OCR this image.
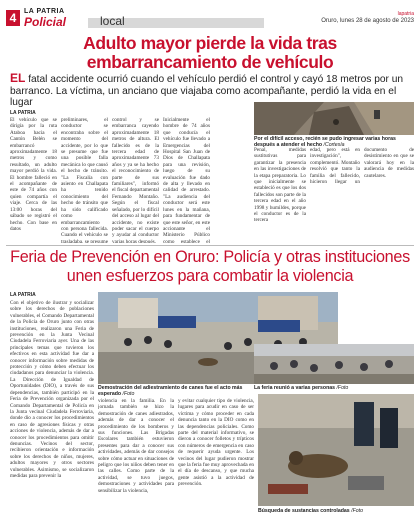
4	LA PATRIA
Policial	local	lapatria
Oruro, lunes 28 de agosto de 2023
Adulto mayor pierde la vida tras embarrancamiento de vehículo
EL fatal accidente ocurrió cuando el vehículo perdió el control y cayó 18 metros por un barranco. La víctima, un anciano que viajaba como acompañante, perdió la vida en el lugar
LA PATRIA
El vehículo que se dirigía por la ruta Ataboa hacia el Cantón Belén se embarrancó aproximadamente 18 metros y como resultado, un adulto mayor perdió la vida. El hombre falleció en el acompañante de este de 74 años con quien compartía el viaje. Cerca de las 13:00 horas del sábado se registró el hecho. Con base en datos
preliminares, el conductor se encontraba sobre el momento del accidente, por lo que se presume que fue una posible falla mecánica lo que causó el hecho de tránsito. "La Fiscalía con asiento en Challapata ha tenido conocimiento del hecho de tránsito que ha sido calificado como embarrancamiento con persona fallecida. Cuando el vehículo se trasladaba, se presume
control y se embarranca cayendo aproximadamente 18 metros de altura. El fallecido es de la tercera edad de aproximadamente 73 años y ya se ha hecho el reconocimiento de parte de sus familiares", informó el fiscal departamental Fernando Montaño. Según el fiscal señalado, por lo difícil del acceso al lugar del accidente, no existe poder sacar el cuerpo y ayudar al conductor varias horas después.
Inicialmente el hombre de 74 años que conducía el vehículo fue llevado a Emergencias del Hospital San Juan de Dios de Challapata para una revisión, luego de su evaluación fue dado de alta y llevado en calidad de arrestado. "La audiencia del conductor será este lunes en la mañana, para fundamentar de que este señor, en este accionante el Ministerio Público como establece el
Penal, medidas sustitutivas para garantizar la presencia en las investigaciones de la etapa preparatoria. Lo que inicialmente se estableció es que los dos fallecidos son parte de la tercera edad en el año 1998 y humildes, porque el conductor es de la tercera
edad, pero está en investigación", complementó. Montaño resolvió que tanto la familia del fallecido, hicieron llegar un documento de desistimiento en que se valorará hoy en la audiencia de medidas cautelares.
Por el difícil acceso, recién se pudo ingresar varias horas después a atender el hecho /Cortesía
Feria de Prevención en Oruro: Policía y otras instituciones unen esfuerzos para combatir la violencia
LA PATRIA
Con el objetivo de ilustrar y socializar sobre los derechos de poblaciones vulnerables, el Comando Departamental de la Policía de Oruro junto con otras instituciones, realizaron una Feria de prevención en la Junta Vecinal Ciudadela Ferroviaria ayer. Una de las principales temas que tuvieron los efectivos en esta actividad fue dar a conocer información sobre medidas de protección y cómo deben efectuar los ciudadanos para denunciar la violencia. La Dirección de Igualdad de Oportunidades (DIO), a través de sus dependencias, también participó en la Feria de Prevención organizada por el Comando Departamental de Policía en la Junta vecinal Ciudadela Ferroviaria, donde dio a conocer los procedimientos en caso de agresiones físicas y otras acciones de violencia, además de dar a conocer los procedimientos para omitir denuncias. Vecinos del sector, recibieron orientación e información sobre los derechos de niños, mujeres, adultos mayores y otros sectores vulnerables. Asimismo, se socializaron medidas para prevenir la
Demostración del adiestramiento de canes fue el acto más esperado /Foto
La feria reunió a varias personas /Foto
violencia en la familia. En la jornada también se hizo la demostración de canes adiestrados, además de dar a conocer el procedimiento de los bomberos y sus funciones. Las Brigadas Escolares también estuvieron presentes para dar a conocer sus actividades, además de dar consejos sobre cómo actuar en situaciones de peligro que los niños deben tener en las calles. Como parte de la actividad, se tuvo juegos, demostraciones y actividades para sensibilizar la violencia,
y evitar cualquier tipo de violencia, lugares para acudir en caso de ser víctima y cómo proceder en cada denuncia tanto en la DIO como en las dependencias policiales. Como parte del material informativo, se dieron a conocer folletos y trípticos con números de emergencia en caso de requerir ayuda urgente. Los vecinos del lugar pudieron mostrar que la feria fue muy aprovechada en el día de descanso, y que mucha gente asistió a la actividad de prevención.
Búsqueda de sustancias controladas /Foto
